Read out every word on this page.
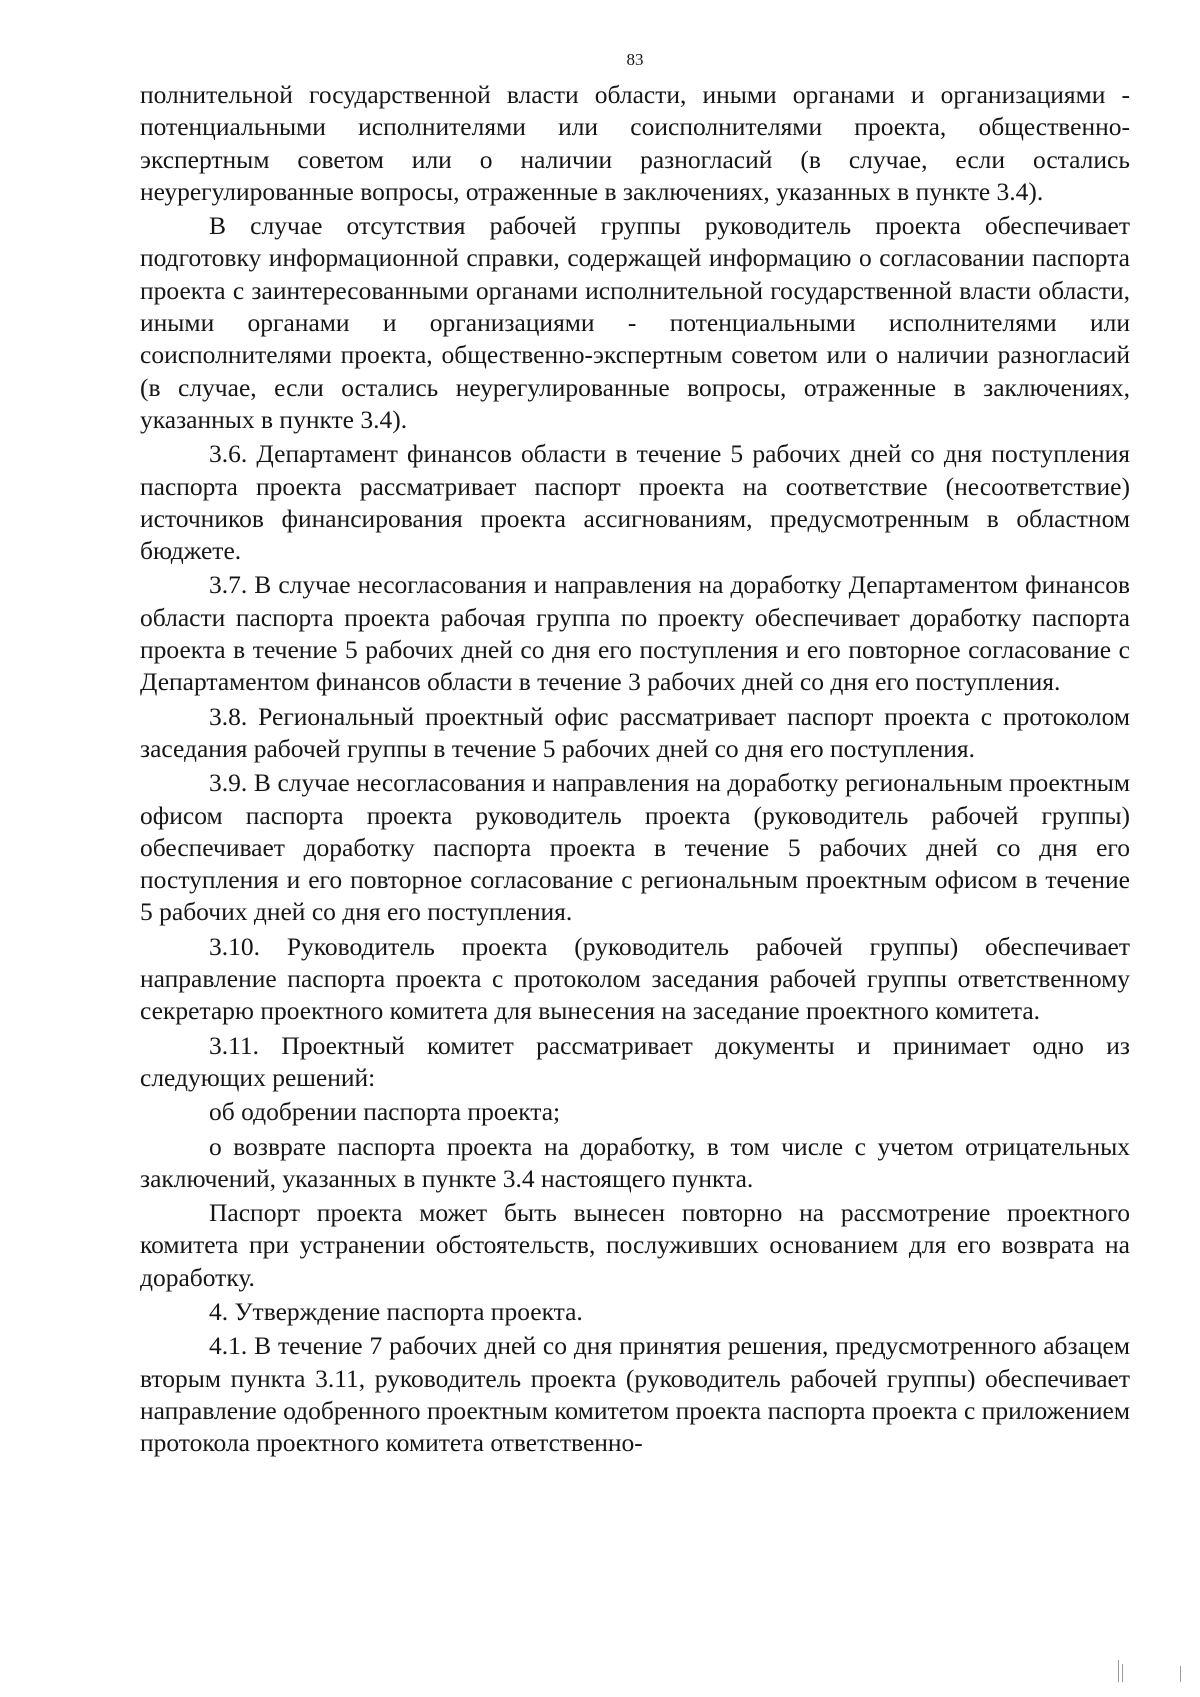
83

полнительной государственной власти области, иными органами и организациями - потенциальными исполнителями или соисполнителями проекта, общественно-экспертным советом или о наличии разногласий (в случае, если остались неурегулированные вопросы, отраженные в заключениях, указанных в пункте 3.4).

В случае отсутствия рабочей группы руководитель проекта обеспечивает подготовку информационной справки, содержащей информацию о согласовании паспорта проекта с заинтересованными органами исполнительной государственной власти области, иными органами и организациями - потенциальными исполнителями или соисполнителями проекта, общественно-экспертным советом или о наличии разногласий (в случае, если остались неурегулированные вопросы, отраженные в заключениях, указанных в пункте 3.4).

3.6. Департамент финансов области в течение 5 рабочих дней со дня поступления паспорта проекта рассматривает паспорт проекта на соответствие (несоответствие) источников финансирования проекта ассигнованиям, предусмотренным в областном бюджете.

3.7. В случае несогласования и направления на доработку Департаментом финансов области паспорта проекта рабочая группа по проекту обеспечивает доработку паспорта проекта в течение 5 рабочих дней со дня его поступления и его повторное согласование с Департаментом финансов области в течение 3 рабочих дней со дня его поступления.

3.8. Региональный проектный офис рассматривает паспорт проекта с протоколом заседания рабочей группы в течение 5 рабочих дней со дня его поступления.

3.9. В случае несогласования и направления на доработку региональным проектным офисом паспорта проекта руководитель проекта (руководитель рабочей группы) обеспечивает доработку паспорта проекта в течение 5 рабочих дней со дня его поступления и его повторное согласование с региональным проектным офисом в течение 5 рабочих дней со дня его поступления.

3.10. Руководитель проекта (руководитель рабочей группы) обеспечивает направление паспорта проекта с протоколом заседания рабочей группы ответственному секретарю проектного комитета для вынесения на заседание проектного комитета.

3.11. Проектный комитет рассматривает документы и принимает одно из следующих решений:

об одобрении паспорта проекта;

о возврате паспорта проекта на доработку, в том числе с учетом отрицательных заключений, указанных в пункте 3.4 настоящего пункта.

Паспорт проекта может быть вынесен повторно на рассмотрение проектного комитета при устранении обстоятельств, послуживших основанием для его возврата на доработку.

4. Утверждение паспорта проекта.

4.1. В течение 7 рабочих дней со дня принятия решения, предусмотренного абзацем вторым пункта 3.11, руководитель проекта (руководитель рабочей группы) обеспечивает направление одобренного проектным комитетом проекта паспорта проекта с приложением протокола проектного комитета ответственно-
